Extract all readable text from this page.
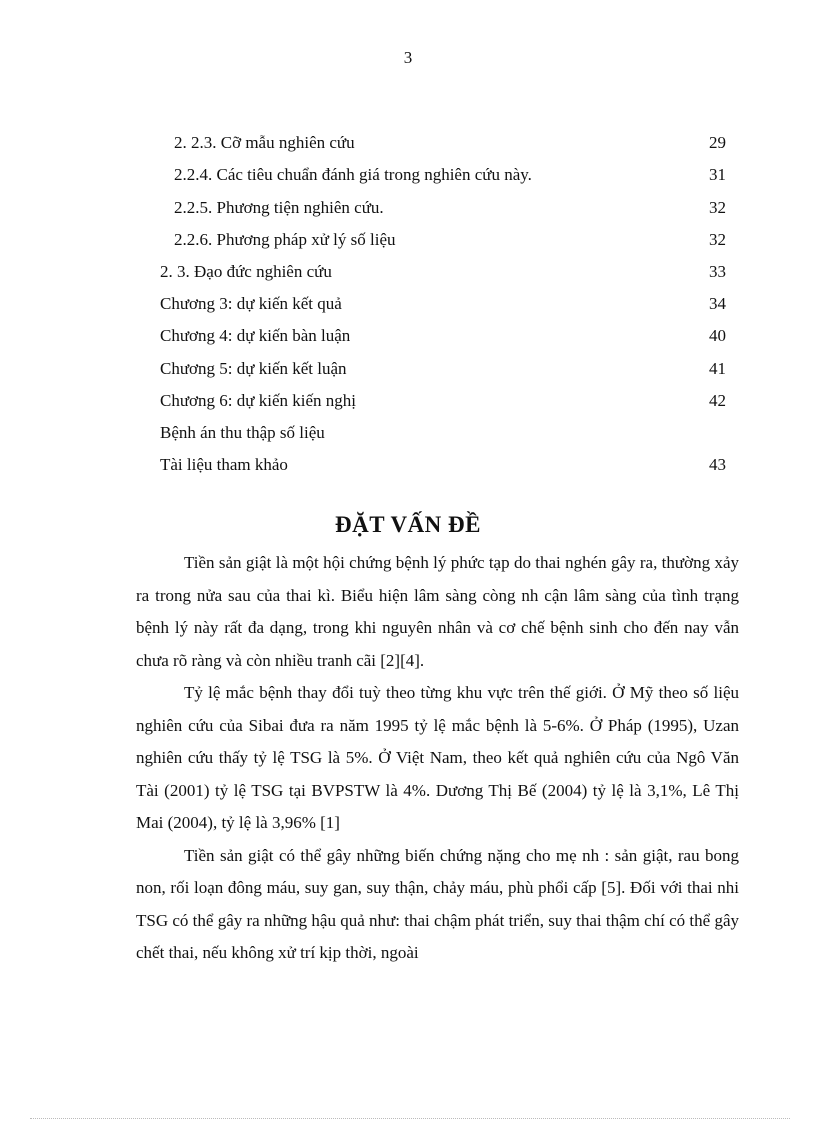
3
2. 2.3. Cỡ mẫu nghiên cứu	29
2.2.4. Các tiêu chuẩn đánh giá trong nghiên cứu này.	31
2.2.5. Phương tiện nghiên cứu.	32
2.2.6. Phương pháp xử lý số liệu	32
2. 3. Đạo đức nghiên cứu	33
Chương 3: dự kiến kết quả	34
Chương 4: dự kiến bàn luận	40
Chương 5: dự kiến kết luận	41
Chương 6: dự kiến kiến nghị	42
Bệnh án thu thập số liệu
Tài liệu tham khảo	43
ĐẶT VẤN ĐỀ

Tiền sản giật là một hội chứng bệnh lý phức tạp do thai nghén gây ra, thường xảy ra trong nửa sau của thai kì. Biểu hiện lâm sàng còng nh cận lâm sàng của tình trạng bệnh lý này rất đa dạng, trong khi nguyên nhân và cơ chế bệnh sinh cho đến nay vẫn chưa rõ ràng và còn nhiều tranh cãi [2][4].

Tỷ lệ mắc bệnh thay đổi tuỳ theo từng khu vực trên thế giới. Ở Mỹ theo số liệu nghiên cứu của Sibai đưa ra năm 1995 tỷ lệ mắc bệnh là 5-6%. Ở Pháp (1995), Uzan nghiên cứu thấy tỷ lệ TSG là 5%. Ở Việt Nam, theo kết quả nghiên cứu của Ngô Văn Tài (2001) tỷ lệ TSG tại BVPSTW là 4%. Dương Thị Bế (2004) tỷ lệ là 3,1%, Lê Thị Mai (2004), tỷ lệ là 3,96% [1]

Tiền sản giật có thể gây những biến chứng nặng cho mẹ nh : sản giật, rau bong non, rối loạn đông máu, suy gan, suy thận, chảy máu, phù phổi cấp [5]. Đối với thai nhi TSG có thể gây ra những hậu quả như: thai chậm phát triển, suy thai thậm chí có thể gây chết thai, nếu không xử trí kịp thời, ngoài
